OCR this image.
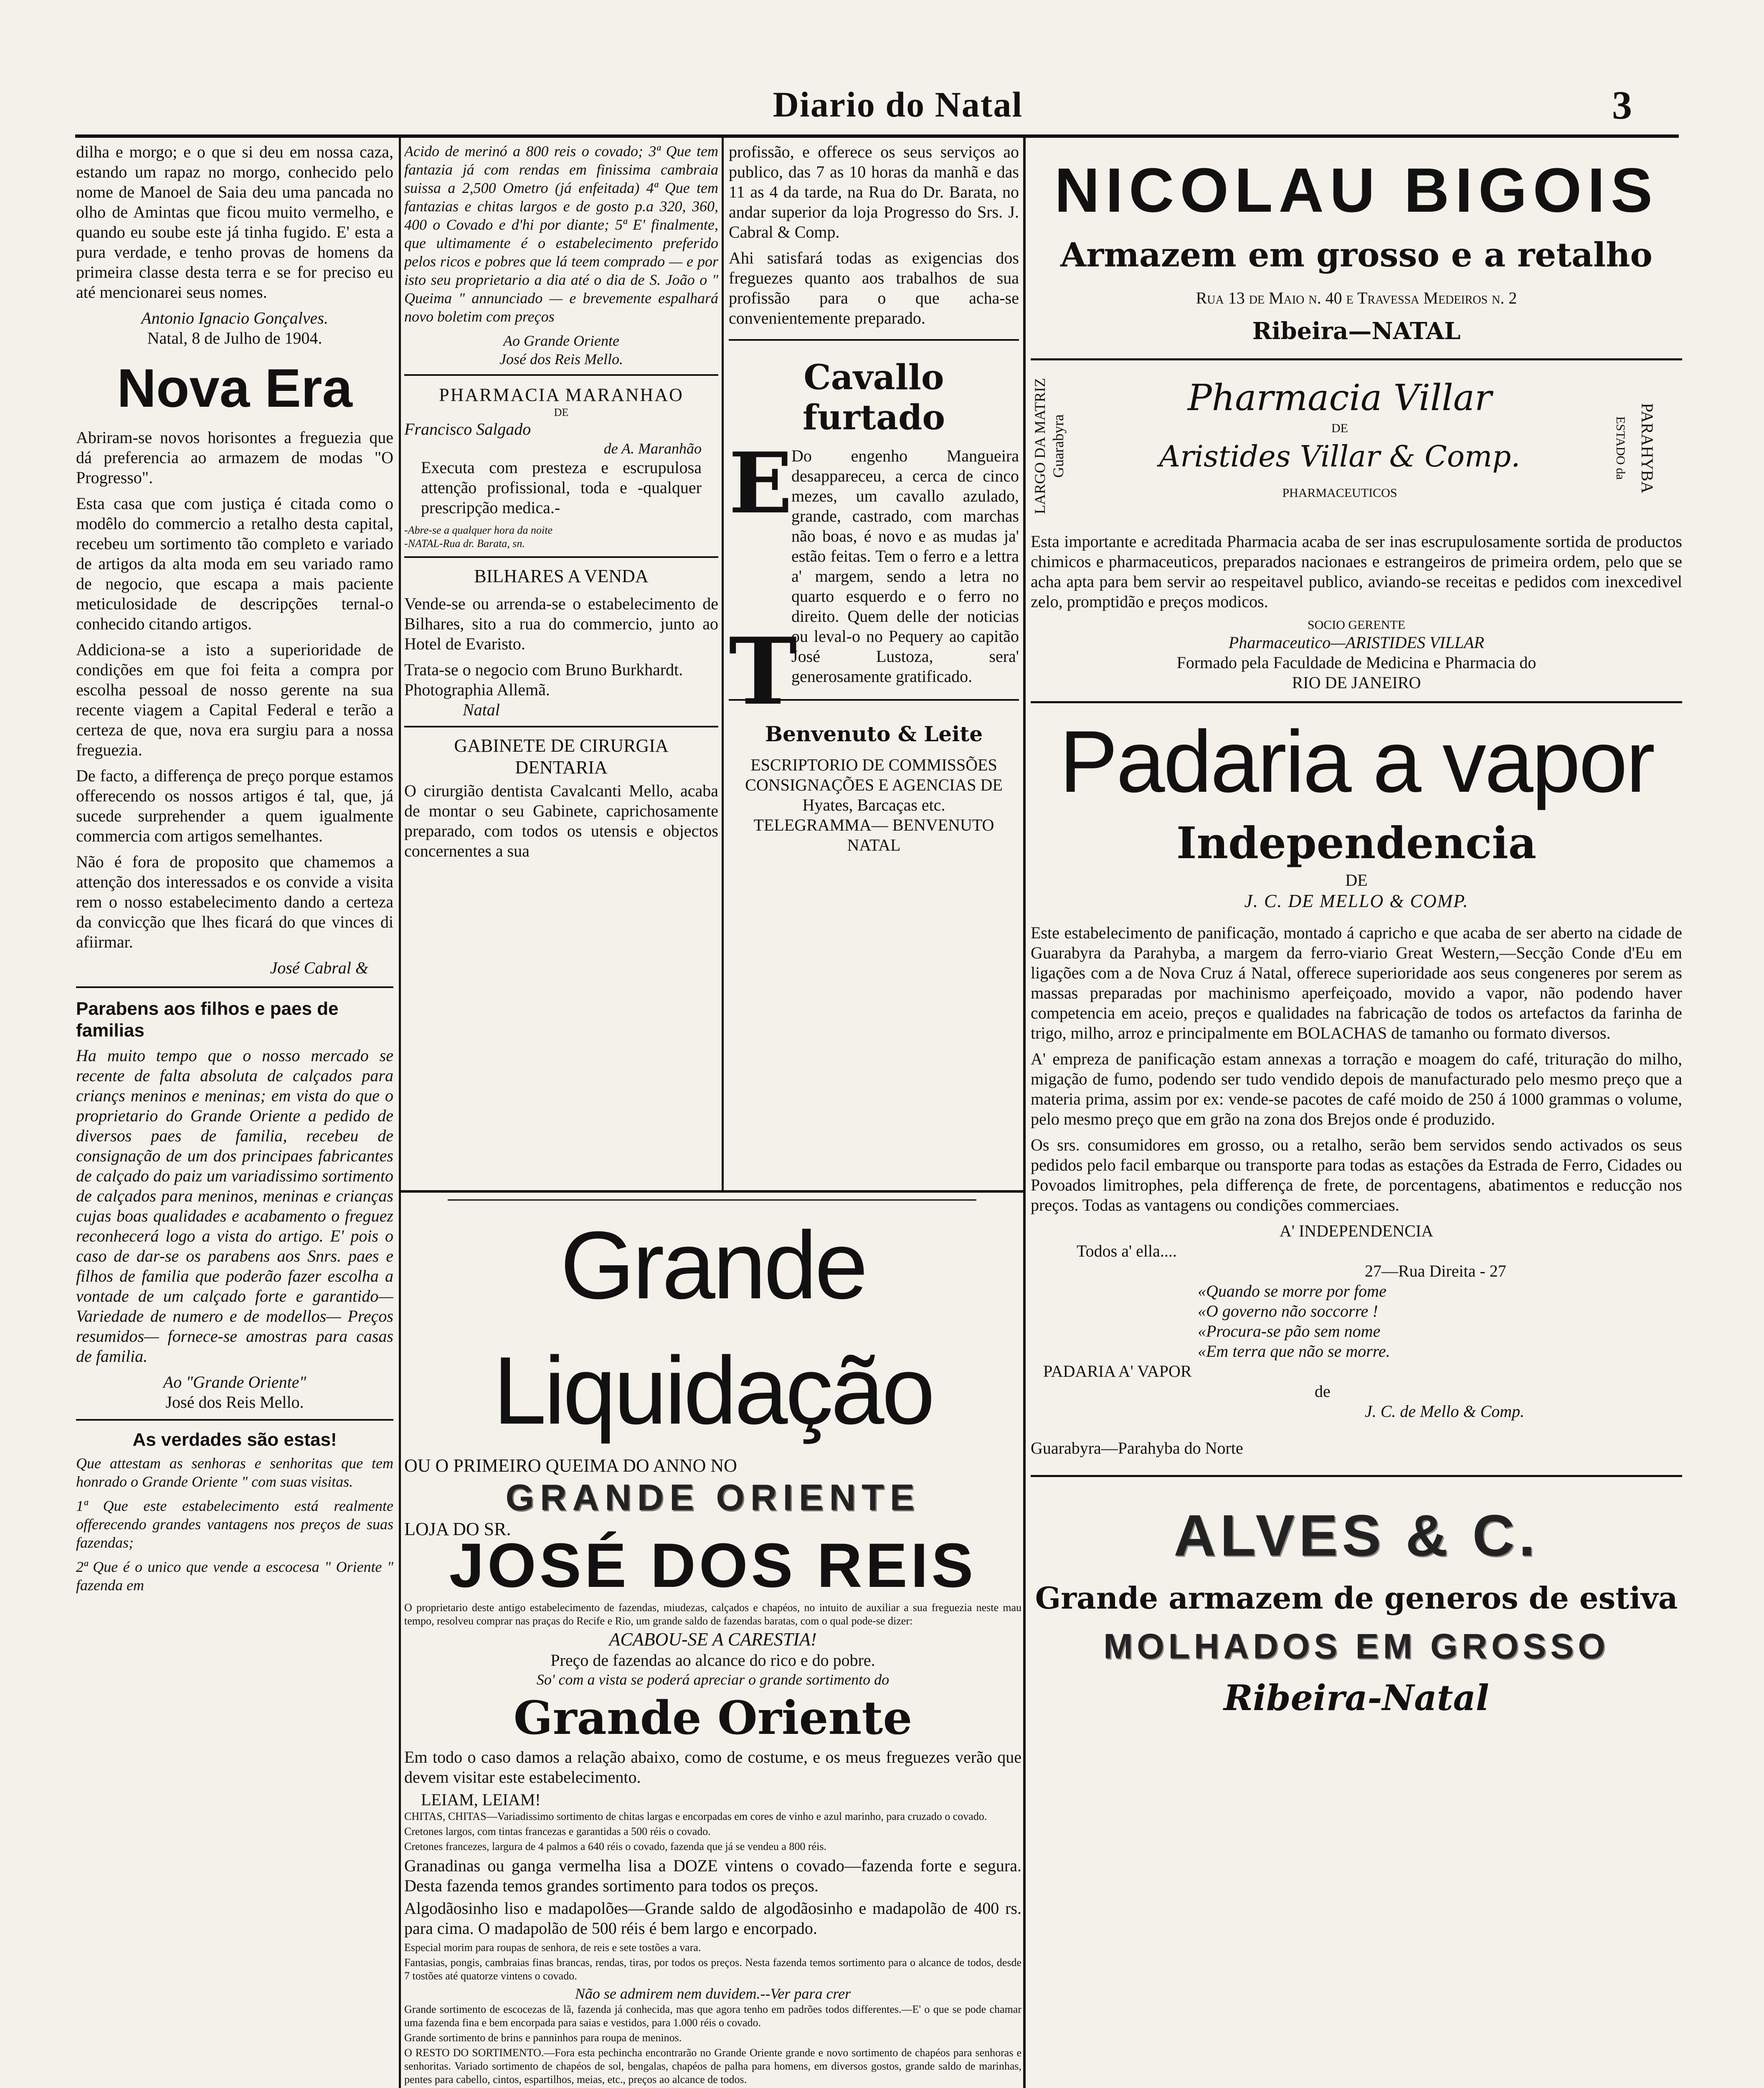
Diario do Natal	3

dilha e morgo; e o que si deu em nossa caza, estando um rapaz no morgo, conhecido pelo nome de Manoel de Saia deu uma pancada no olho de Amintas que ficou muito vermelho, e quando eu soube este já tinha fugido. E' esta a pura verdade, e tenho provas de homens da primeira classe desta terra e se for preciso eu até mencionarei seus nomes.

Antonio Ignacio Gonçalves.

Natal, 8 de Julho de 1904.

Nova Era

Abriram-se novos horisontes a freguezia que dá preferencia ao armazem de modas "O Progresso".

Esta casa que com justiça é citada como o modêlo do commercio a retalho desta capital, recebeu um sortimento tão completo e variado de artigos da alta moda em seu variado ramo de negocio, que escapa a mais paciente meticulosidade de descripções ternal-o conhecido citando artigos.

Addiciona-se a isto a superioridade de condições em que foi feita a compra por escolha pessoal de nosso gerente na sua recente viagem a Capital Federal e terão a certeza de que, nova era surgiu para a nossa freguezia.

De facto, a differença de preço porque estamos offerecendo os nossos artigos é tal, que, já sucede surprehender a quem igualmente commercia com artigos semelhantes.

Não é fora de proposito que chamemos a attenção dos interessados e os convide a visita rem o nosso estabelecimento dando a certeza da convicção que lhes ficará do que vinces di afiirmar.

José Cabral &

Parabens aos filhos e paes de familias

Ha muito tempo que o nosso mercado se recente de falta absoluta de calçados para criançs meninos e meninas; em vista do que o proprietario do Grande Oriente a pedido de diversos paes de familia, recebeu de consignação de um dos principaes fabricantes de calçado do paiz um variadissimo sortimento de calçados para meninos, meninas e crianças cujas boas qualidades e acabamento o freguez reconhecerá logo a vista do artigo. E' pois o caso de dar-se os parabens aos Snrs. paes e filhos de familia que poderão fazer escolha a vontade de um calçado forte e garantido—Variedade de numero e de modellos— Preços resumidos— fornece-se amostras para casas de familia.

Ao "Grande Oriente"

José dos Reis Mello.

As verdades são estas!

Que attestam as senhoras e senhoritas que tem honrado o Grande Oriente " com suas visitas.

1ª Que este estabelecimento está realmente offerecendo grandes vantagens nos preços de suas fazendas;

2ª Que é o unico que vende a escocesa " Oriente " fazenda em

Acido de merinó a 800 reis o covado; 3ª Que tem fantazia já com rendas em finissima cambraia suissa a 2,500 Ometro (já enfeitada) 4ª Que tem fantazias e chitas largos e de gosto p.a 320, 360, 400 o Covado e d'hi por diante; 5ª E' finalmente, que ultimamente é o estabelecimento preferido pelos ricos e pobres que lá teem comprado — e por isto seu proprietario a dia até o dia de S. João o " Queima " annunciado — e brevemente espalhará novo boletim com preços

Ao Grande Oriente

José dos Reis Mello.

PHARMACIA MARANHAO
DE
Francisco Salgado
de A. Maranhão

Executa com presteza e escrupulosa attenção profissional, toda e -qualquer prescripção medica.-

-Abre-se a qualquer hora da noite
-NATAL-Rua dr. Barata, sn.
BILHARES A VENDA

Vende-se ou arrenda-se o estabelecimento de Bilhares, sito a rua do commercio, junto ao Hotel de Evaristo.

Trata-se o negocio com Bruno Burkhardt.

Photographia Allemã.
Natal
GABINETE DE CIRURGIA
DENTARIA

O cirurgião dentista Cavalcanti Mello, acaba de montar o seu Gabinete, caprichosamente preparado, com todos os utensis e objectos concernentes a sua

profissão, e offerece os seus serviços ao publico, das 7 as 10 horas da manhã e das 11 as 4 da tarde, na Rua do Dr. Barata, no andar superior da loja Progresso do Srs. J. Cabral & Comp.

Ahi satisfará todas as exigencias dos freguezes quanto aos trabalhos de sua profissão para o que acha-se convenientemente preparado.

Cavallo furtado
E
T

Do engenho Mangueira desappareceu, a cerca de cinco mezes, um cavallo azulado, grande, castrado, com marchas não boas, é novo e as mudas ja' estão feitas. Tem o ferro e a lettra a' margem, sendo a letra no quarto esquerdo e o ferro no direito. Quem delle der noticias ou leval-o no Pequery ao capitão José Lustoza, sera' generosamente gratificado.

Benvenuto & Leite

ESCRIPTORIO DE COMMISSÕES CONSIGNAÇÕES E AGENCIAS DE

Hyates, Barcaças etc.
TELEGRAMMA— BENVENUTO
NATAL
Grande Liquidação
OU O PRIMEIRO QUEIMA DO ANNO NO
GRANDE ORIENTE
LOJA DO SR.
JOSÉ DOS REIS

O proprietario deste antigo estabelecimento de fazendas, miudezas, calçados e chapéos, no intuito de auxiliar a sua freguezia neste mau tempo, resolveu comprar nas praças do Recife e Rio, um grande saldo de fazendas baratas, com o qual pode-se dizer:

ACABOU-SE A CARESTIA!
Preço de fazendas ao alcance do rico e do pobre.
So' com a vista se poderá apreciar o grande sortimento do
Grande Oriente

Em todo o caso damos a relação abaixo, como de costume, e os meus freguezes verão que devem visitar este estabelecimento.

LEIAM, LEIAM!

CHITAS, CHITAS—Variadissimo sortimento de chitas largas e encorpadas em cores de vinho e azul marinho, para cruzado o covado.

Cretones largos, com tintas francezas e garantidas a 500 réis o covado.

Cretones francezes, largura de 4 palmos a 640 réis o covado, fazenda que já se vendeu a 800 réis.

Granadinas ou ganga vermelha lisa a DOZE vintens o covado—fazenda forte e segura. Desta fazenda temos grandes sortimento para todos os preços.

Algodãosinho liso e madapolões—Grande saldo de algodãosinho e madapolão de 400 rs. para cima. O madapolão de 500 réis é bem largo e encorpado.

Especial morim para roupas de senhora, de reis e sete tostões a vara.

Fantasias, pongis, cambraias finas brancas, rendas, tiras, por todos os preços. Nesta fazenda temos sortimento para o alcance de todos, desde 7 tostões até quatorze vintens o covado.

Não se admirem nem duvidem.--Ver para crer

Grande sortimento de escocezas de lã, fazenda já conhecida, mas que agora tenho em padrões todos differentes.—E' o que se pode chamar uma fazenda fina e bem encorpada para saias e vestidos, para 1.000 réis o covado.

Grande sortimento de brins e panninhos para roupa de meninos.

O RESTO DO SORTIMENTO.—Fora esta pechincha encontrarão no Grande Oriente grande e novo sortimento de chapéos para senhoras e senhoritas. Variado sortimento de chapéos de sol, bengalas, chapéos de palha para homens, em diversos gostos, grande saldo de marinhas, pentes para cabello, cintos, espartilhos, meias, etc., preços ao alcance de todos.

NICOLAU BIGOIS
Armazem em grosso e a retalho
Rua 13 de Maio n. 40 e Travessa Medeiros n. 2
Ribeira—NATAL
LARGO DA MATRIZ Guarabyra
Pharmacia Villar
DE
Aristides Villar & Comp.
PHARMACEUTICOS
ESTADO da PARAHYBA

Esta importante e acreditada Pharmacia acaba de ser inas escrupulosamente sortida de productos chimicos e pharmaceuticos, preparados nacionaes e estrangeiros de primeira ordem, pelo que se acha apta para bem servir ao respeitavel publico, aviando-se receitas e pedidos com inexcedivel zelo, promptidão e preços modicos.

SOCIO GERENTE
Pharmaceutico—ARISTIDES VILLAR
Formado pela Faculdade de Medicina e Pharmacia do
RIO DE JANEIRO
Padaria a vapor
Independencia
DE
J. C. DE MELLO & COMP.

Este estabelecimento de panificação, montado á capricho e que acaba de ser aberto na cidade de Guarabyra da Parahyba, a margem da ferro-viario Great Western,—Secção Conde d'Eu em ligações com a de Nova Cruz á Natal, offerece superioridade aos seus congeneres por serem as massas preparadas por machinismo aperfeiçoado, movido a vapor, não podendo haver competencia em aceio, preços e qualidades na fabricação de todos os artefactos da farinha de trigo, milho, arroz e principalmente em BOLACHAS de tamanho ou formato diversos.

A' empreza de panificação estam annexas a torração e moagem do café, trituração do milho, migação de fumo, podendo ser tudo vendido depois de manufacturado pelo mesmo preço que a materia prima, assim por ex: vende-se pacotes de café moido de 250 á 1000 grammas o volume, pelo mesmo preço que em grão na zona dos Brejos onde é produzido.

Os srs. consumidores em grosso, ou a retalho, serão bem servidos sendo activados os seus pedidos pelo facil embarque ou transporte para todas as estações da Estrada de Ferro, Cidades ou Povoados limitrophes, pela differença de frete, de porcentagens, abatimentos e reducção nos preços. Todas as vantagens ou condições commerciaes.

A' INDEPENDENCIA
Todos a' ella....
27—Rua Direita - 27
«Quando se morre por fome
«O governo não soccorre !
«Procura-se pão sem nome
«Em terra que não se morre.
PADARIA A' VAPOR
de
J. C. de Mello & Comp.
Guarabyra—Parahyba do Norte
ALVES & C.
Grande armazem de generos de estiva
MOLHADOS EM GROSSO
Ribeira-Natal
